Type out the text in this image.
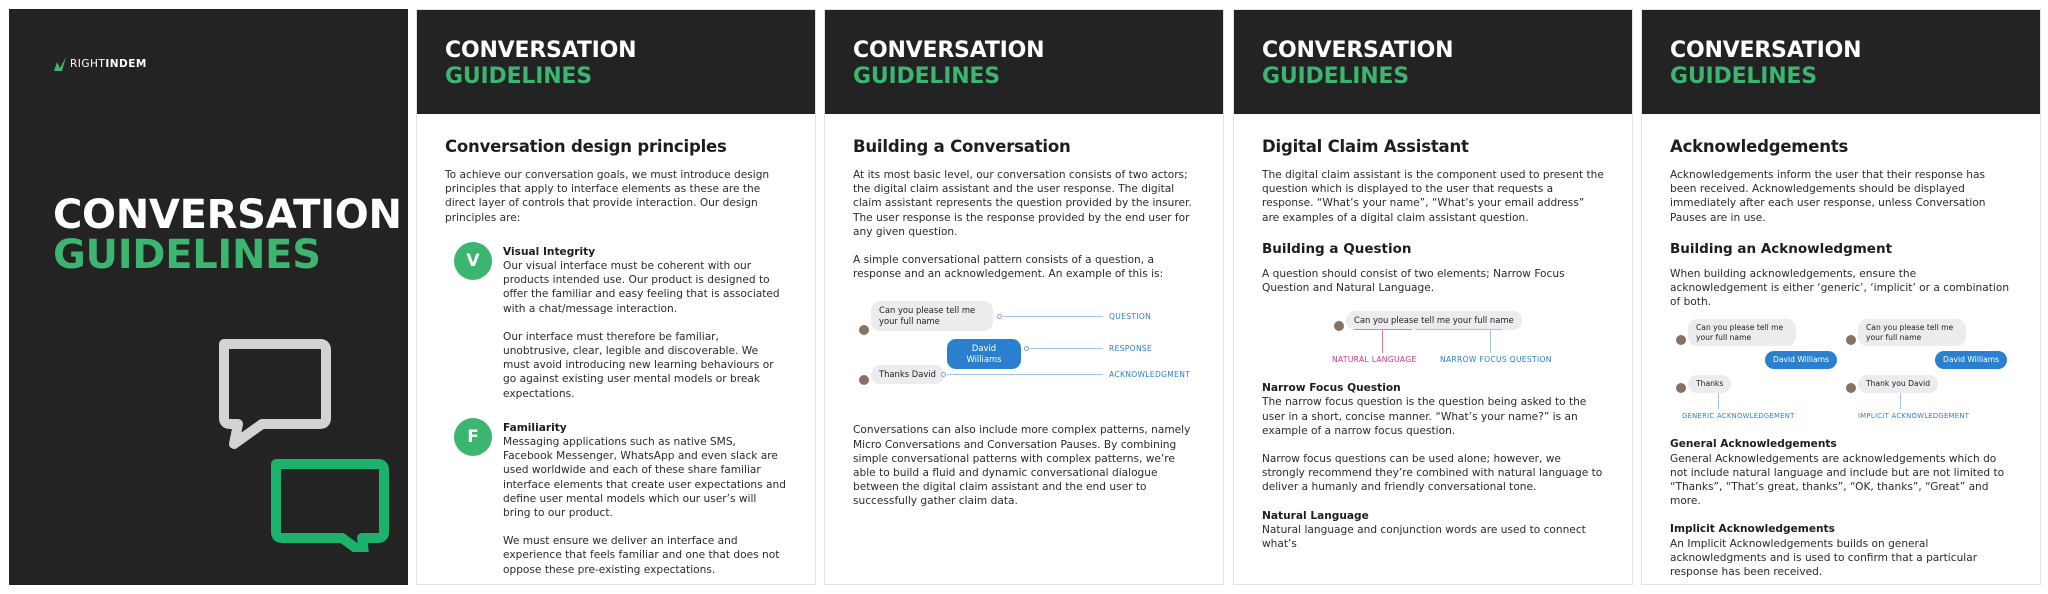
RIGHTINDEM
CONVERSATION
GUIDELINES
CONVERSATION
GUIDELINES
Conversation design principles

To achieve our conversation goals, we must introduce design principles that apply to interface elements as these are the direct layer of controls that provide interaction. Our design principles are:

V	Visual Integrity

Our visual interface must be coherent with our products intended use. Our product is designed to offer the familiar and easy feeling that is associated with a chat/message interaction.

Our interface must therefore be familiar, unobtrusive, clear, legible and discoverable. We must avoid introducing new learning behaviours or go against existing user mental models or break expectations.

F	Familiarity

Messaging applications such as native SMS, Facebook Messenger, WhatsApp and even slack are used worldwide and each of these share familiar interface elements that create user expectations and define user mental models which our user’s will bring to our product.

We must ensure we deliver an interface and experience that feels familiar and one that does not oppose these pre-existing expectations.

CONVERSATION
GUIDELINES
Building a Conversation

At its most basic level, our conversation consists of two actors; the digital claim assistant and the user response. The digital claim assistant represents the question provided by the insurer. The user response is the response provided by the end user for any given question.

A simple conversational pattern consists of a question, a response and an acknowledgement. An example of this is:

Can you please tell me your full name	QUESTION
David Williams
RESPONSE
Thanks David	ACKNOWLEDGMENT

Conversations can also include more complex patterns, namely Micro Conversations and Conversation Pauses. By combining simple conversational patterns with complex patterns, we’re able to build a fluid and dynamic conversational dialogue between the digital claim assistant and the end user to successfully gather claim data.

CONVERSATION
GUIDELINES
Digital Claim Assistant

The digital claim assistant is the component used to present the question which is displayed to the user that requests a response. “What’s your name”, “What’s your email address” are examples of a digital claim assistant question.

Building a Question

A question should consist of two elements; Narrow Focus Question and Natural Language.

Can you please tell me your full name
NATURAL LANGUAGE	NARROW FOCUS QUESTION
Narrow Focus Question

The narrow focus question is the question being asked to the user in a short, concise manner. “What’s your name?” is an example of a narrow focus question.

Narrow focus questions can be used alone; however, we strongly recommend they’re combined with natural language to deliver a humanly and friendly conversational tone.

Natural Language

Natural language and conjunction words are used to connect what’s

CONVERSATION
GUIDELINES
Acknowledgements

Acknowledgements inform the user that their response has been received. Acknowledgements should be displayed immediately after each user response, unless Conversation Pauses are in use.

Building an Acknowledgment

When building acknowledgements, ensure the acknowledgement is either ‘generic’, ‘implicit’ or a combination of both.

Can you please tell me your full name
David Williams
Thanks
GENERIC ACKNOWLEDGEMENT
Can you please tell me your full name
David Williams
Thank you David
IMPLICIT ACKNOWLEDGEMENT
General Acknowledgements

General Acknowledgements are acknowledgements which do not include natural language and include but are not limited to “Thanks”, “That’s great, thanks”, “OK, thanks”, “Great” and more.

Implicit Acknowledgements

An Implicit Acknowledgements builds on general acknowledgments and is used to confirm that a particular response has been received.
